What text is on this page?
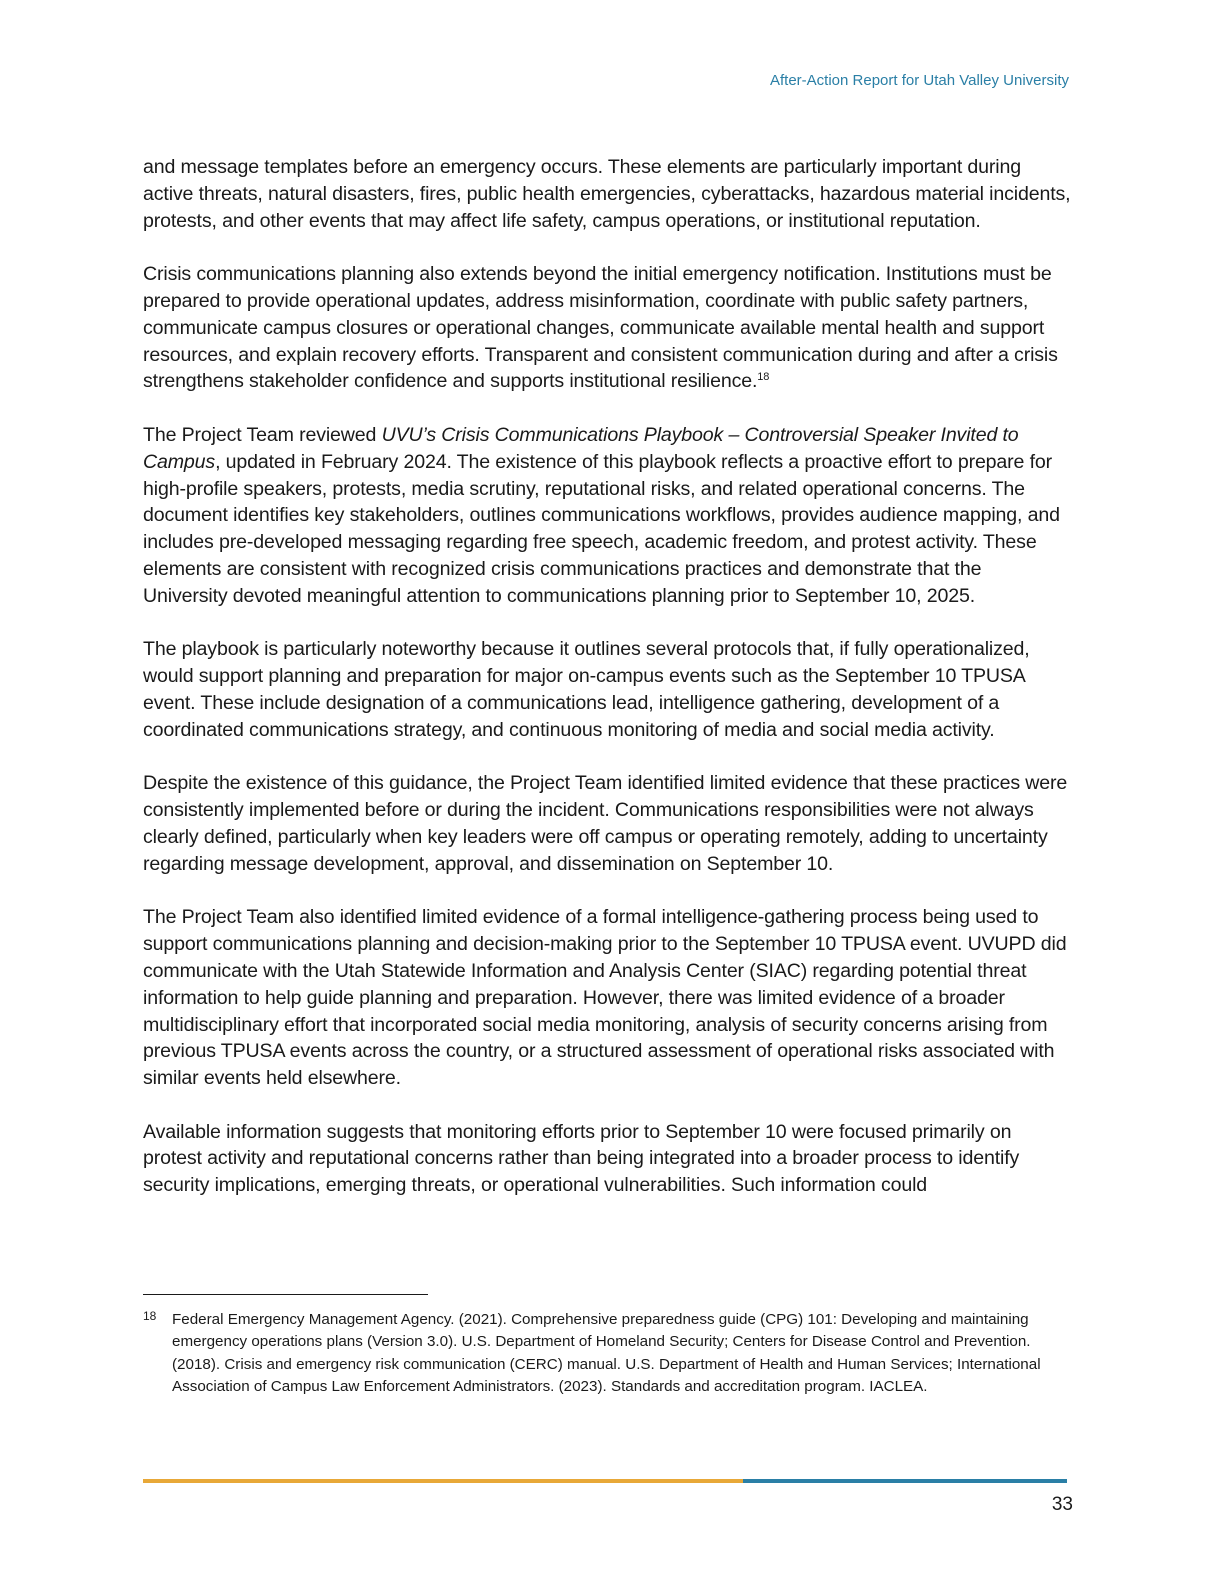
After-Action Report for Utah Valley University

and message templates before an emergency occurs. These elements are particularly important during active threats, natural disasters, fires, public health emergencies, cyberattacks, hazardous material incidents, protests, and other events that may affect life safety, campus operations, or institutional reputation.

Crisis communications planning also extends beyond the initial emergency notification. Institutions must be prepared to provide operational updates, address misinformation, coordinate with public safety partners, communicate campus closures or operational changes, communicate available mental health and support resources, and explain recovery efforts. Transparent and consistent communication during and after a crisis strengthens stakeholder confidence and supports institutional resilience.$^{18}$

The Project Team reviewed UVU’s Crisis Communications Playbook – Controversial Speaker Invited to Campus, updated in February 2024. The existence of this playbook reflects a proactive effort to prepare for high-profile speakers, protests, media scrutiny, reputational risks, and related operational concerns. The document identifies key stakeholders, outlines communications workflows, provides audience mapping, and includes pre-developed messaging regarding free speech, academic freedom, and protest activity. These elements are consistent with recognized crisis communications practices and demonstrate that the University devoted meaningful attention to communications planning prior to September 10, 2025.

The playbook is particularly noteworthy because it outlines several protocols that, if fully operationalized, would support planning and preparation for major on-campus events such as the September 10 TPUSA event. These include designation of a communications lead, intelligence gathering, development of a coordinated communications strategy, and continuous monitoring of media and social media activity.

Despite the existence of this guidance, the Project Team identified limited evidence that these practices were consistently implemented before or during the incident. Communications responsibilities were not always clearly defined, particularly when key leaders were off campus or operating remotely, adding to uncertainty regarding message development, approval, and dissemination on September 10.

The Project Team also identified limited evidence of a formal intelligence-gathering process being used to support communications planning and decision-making prior to the September 10 TPUSA event. UVUPD did communicate with the Utah Statewide Information and Analysis Center (SIAC) regarding potential threat information to help guide planning and preparation. However, there was limited evidence of a broader multidisciplinary effort that incorporated social media monitoring, analysis of security concerns arising from previous TPUSA events across the country, or a structured assessment of operational risks associated with similar events held elsewhere.

Available information suggests that monitoring efforts prior to September 10 were focused primarily on protest activity and reputational concerns rather than being integrated into a broader process to identify security implications, emerging threats, or operational vulnerabilities. Such information could

18 Federal Emergency Management Agency. (2021). Comprehensive preparedness guide (CPG) 101: Developing and maintaining emergency operations plans (Version 3.0). U.S. Department of Homeland Security; Centers for Disease Control and Prevention. (2018). Crisis and emergency risk communication (CERC) manual. U.S. Department of Health and Human Services; International Association of Campus Law Enforcement Administrators. (2023). Standards and accreditation program. IACLEA.
33
